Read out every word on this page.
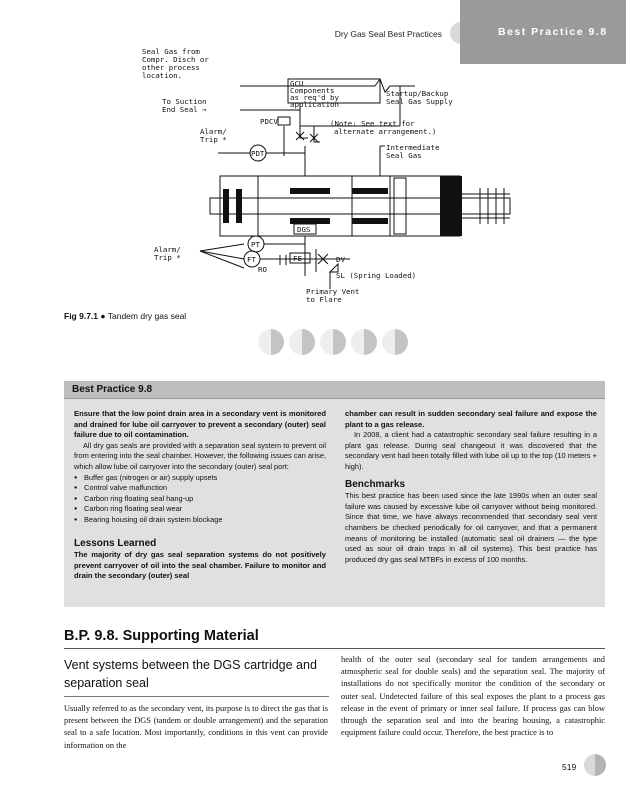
Dry Gas Seal Best Practices	Best Practice 9.8
Seal Gas from
Compr. Disch or
other process
location.
GCU
Components
as req'd by
application
To Suction
End Seal →
Startup/Backup
Seal Gas Supply
PDCV	(Note: See text for
alternate arrangement.)
Alarm/
Trip *
PDT
Intermediate
Seal Gas
DGS
Alarm/
Trip *
PT
FT	FE
RO
DV
SL (Spring Loaded)
Primary Vent
to Flare
Fig 9.7.1 ● Tandem dry gas seal
Best Practice 9.8

Ensure that the low point drain area in a secondary vent is monitored and drained for lube oil carryover to prevent a secondary (outer) seal failure due to oil contamination.

All dry gas seals are provided with a separation seal system to prevent oil from entering into the seal chamber. However, the following issues can arise, which allow lube oil carryover into the secondary (outer) seal port:

● Buffer gas (nitrogen or air) supply upsets
● Control valve malfunction
● Carbon ring floating seal hang-up
● Carbon ring floating seal wear
● Bearing housing oil drain system blockage
Lessons Learned

The majority of dry gas seal separation systems do not positively prevent carryover of oil into the seal chamber. Failure to monitor and drain the secondary (outer) seal

chamber can result in sudden secondary seal failure and expose the plant to a gas release.

In 2008, a client had a catastrophic secondary seal failure resulting in a plant gas release. During seal changeout it was discovered that the secondary vent had been totally filled with lube oil up to the top (10 meters + high).

Benchmarks

This best practice has been used since the late 1990s when an outer seal failure was caused by excessive lube oil carryover without being monitored. Since that time, we have always recommended that secondary seal vent chambers be checked periodically for oil carryover, and that a permanent means of monitoring be installed (automatic seal oil drainers — the type used as sour oil drain traps in all oil systems). This best practice has produced dry gas seal MTBFs in excess of 100 months.

B.P. 9.8. Supporting Material
Vent systems between the DGS cartridge and separation seal
Usually referred to as the secondary vent, its purpose is to direct the gas that is present between the DGS (tandem or double arrangement) and the separation seal to a safe location. Most importantly, conditions in this vent can provide information on the
health of the outer seal (secondary seal for tandem arrangements and atmospheric seal for double seals) and the separation seal. The majority of installations do not specifically monitor the condition of the secondary or outer seal. Undetected failure of this seal exposes the plant to a process gas release in the event of primary or inner seal failure. If process gas can blow through the separation seal and into the bearing housing, a catastrophic equipment failure could occur. Therefore, the best practice is to
519
